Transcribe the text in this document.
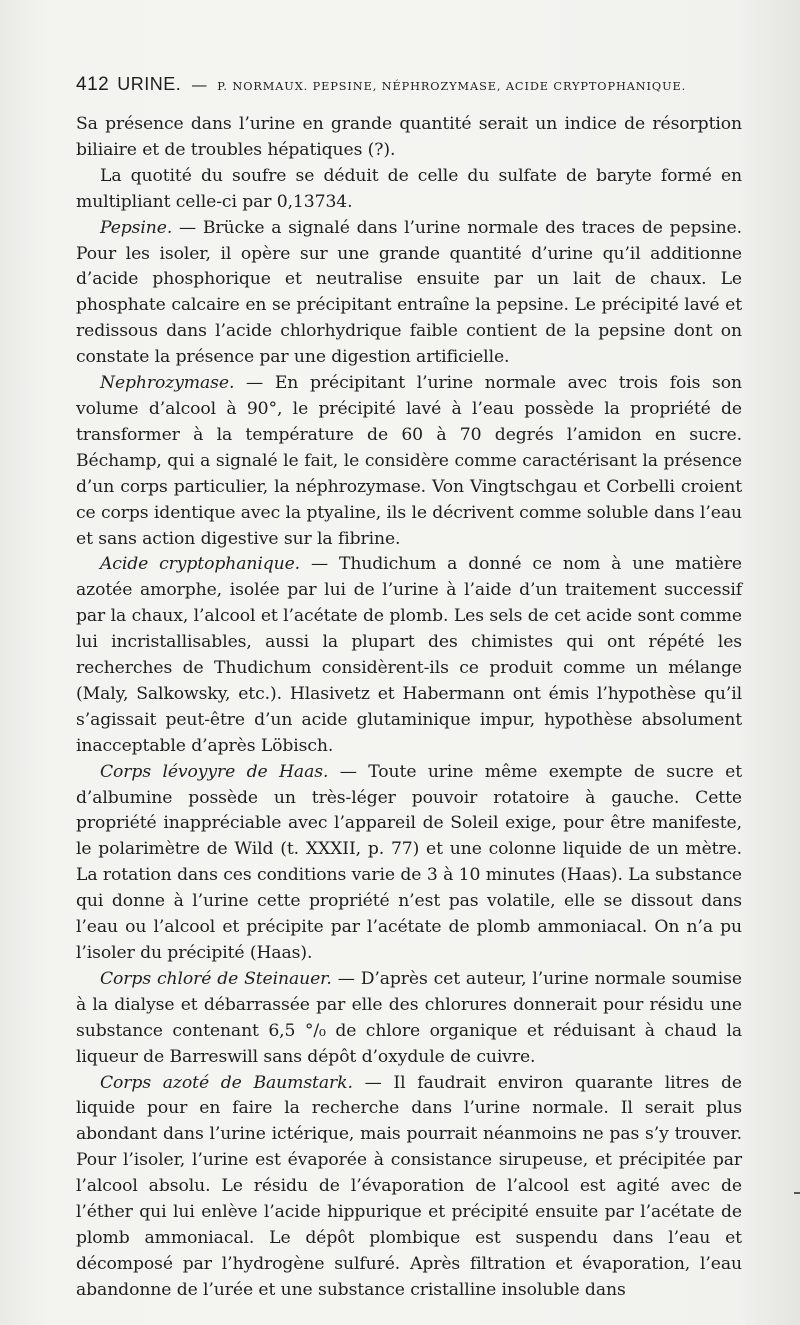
412 URINE. — P. NORMAUX. PEPSINE, NÉPHROZYMASE, ACIDE CRYPTOPHANIQUE.

Sa présence dans l’urine en grande quantité serait un indice de résorption biliaire et de troubles hépatiques (?).

La quotité du soufre se déduit de celle du sulfate de baryte formé en multipliant celle-ci par 0,13734.

Pepsine. — Brücke a signalé dans l’urine normale des traces de pepsine. Pour les isoler, il opère sur une grande quantité d’urine qu’il additionne d’acide phosphorique et neutralise ensuite par un lait de chaux. Le phosphate calcaire en se précipitant entraîne la pepsine. Le précipité lavé et redissous dans l’acide chlorhydrique faible contient de la pepsine dont on constate la présence par une digestion artificielle.

Nephrozymase. — En précipitant l’urine normale avec trois fois son volume d’alcool à 90°, le précipité lavé à l’eau possède la propriété de transformer à la température de 60 à 70 degrés l’amidon en sucre. Béchamp, qui a signalé le fait, le considère comme caractérisant la présence d’un corps particulier, la néphrozymase. Von Vingtschgau et Corbelli croient ce corps identique avec la ptyaline, ils le décrivent comme soluble dans l’eau et sans action digestive sur la fibrine.

Acide cryptophanique. — Thudichum a donné ce nom à une matière azotée amorphe, isolée par lui de l’urine à l’aide d’un traitement successif par la chaux, l’alcool et l’acétate de plomb. Les sels de cet acide sont comme lui incristallisables, aussi la plupart des chimistes qui ont répété les recherches de Thudichum considèrent-ils ce produit comme un mélange (Maly, Salkowsky, etc.). Hlasivetz et Habermann ont émis l’hypothèse qu’il s’agissait peut-être d’un acide glutaminique impur, hypothèse absolument inacceptable d’après Löbisch.

Corps lévoyyre de Haas. — Toute urine même exempte de sucre et d’albumine possède un très-léger pouvoir rotatoire à gauche. Cette propriété inappréciable avec l’appareil de Soleil exige, pour être manifeste, le polarimètre de Wild (t. XXXII, p. 77) et une colonne liquide de un mètre. La rotation dans ces conditions varie de 3 à 10 minutes (Haas). La substance qui donne à l’urine cette propriété n’est pas volatile, elle se dissout dans l’eau ou l’alcool et précipite par l’acétate de plomb ammoniacal. On n’a pu l’isoler du précipité (Haas).

Corps chloré de Steinauer. — D’après cet auteur, l’urine normale soumise à la dialyse et débarrassée par elle des chlorures donnerait pour résidu une substance contenant 6,5 °/₀ de chlore organique et réduisant à chaud la liqueur de Barreswill sans dépôt d’oxydule de cuivre.

Corps azoté de Baumstark. — Il faudrait environ quarante litres de liquide pour en faire la recherche dans l’urine normale. Il serait plus abondant dans l’urine ictérique, mais pourrait néanmoins ne pas s’y trouver. Pour l’isoler, l’urine est évaporée à consistance sirupeuse, et précipitée par l’alcool absolu. Le résidu de l’évaporation de l’alcool est agité avec de l’éther qui lui enlève l’acide hippurique et précipité ensuite par l’acétate de plomb ammoniacal. Le dépôt plombique est suspendu dans l’eau et décomposé par l’hydrogène sulfuré. Après filtration et évaporation, l’eau abandonne de l’urée et une substance cristalline insoluble dans
